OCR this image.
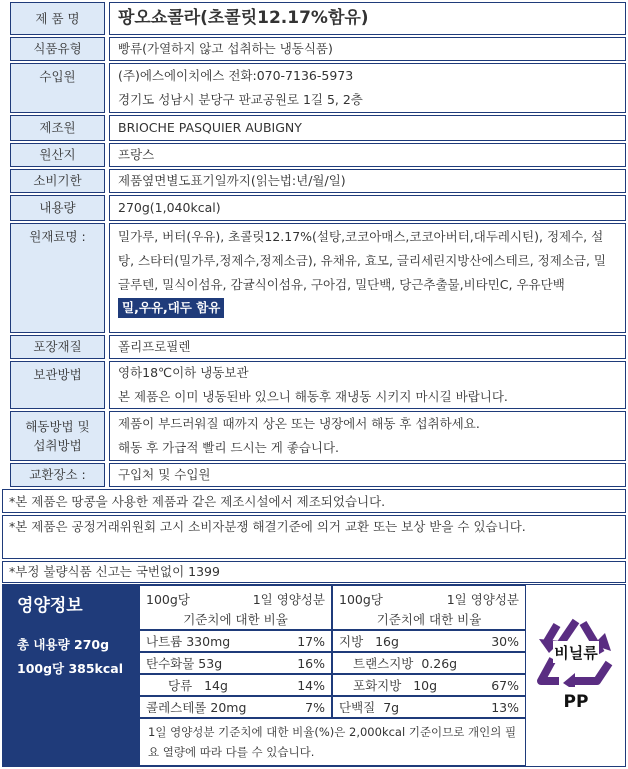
제 품 명 팡오쇼콜라(초콜릿12.17%함유)
식품유형	빵류(가열하지 않고 섭취하는 냉동식품)
수입원	(주)에스에이치에스 전화:070-7136-5973
경기도 성남시 분당구 판교공원로 1길 5, 2층
제조원	BRIOCHE PASQUIER AUBIGNY
원산지	프랑스
소비기한	제품옆면별도표기일까지(읽는법:년/월/일)
내용량	270g(1,040kcal)
원재료명 :	밀가루, 버터(우유), 초콜릿12.17%(설탕,코코아매스,코코아버터,대두레시틴), 정제수, 설탕, 스타터(밀가루,정제수,정제소금), 유채유, 효모, 글리세린지방산에스테르, 정제소금, 밀글루텐, 밀식이섬유, 감귤식이섬유, 구아검, 밀단백, 당근추출물,비타민C, 우유단백
밀,우유,대두 함유
포장재질	폴리프로필렌
보관방법	영하18℃이하 냉동보관
본 제품은 이미 냉동된바 있으니 해동후 재냉동 시키지 마시길 바랍니다.
해동방법 및
섭취방법
제품이 부드러워질 때까지 상온 또는 냉장에서 해동 후 섭취하세요.
해동 후 가급적 빨리 드시는 게 좋습니다.
교환장소 :	구입처 및 수입원
*본 제품은 땅콩을 사용한 제품과 같은 제조시설에서 제조되었습니다.
*본 제품은 공정거래위원회 고시 소비자분쟁 해결기준에 의거 교환 또는 보상 받을 수 있습니다.
*부정 불량식품 신고는 국번없이 1399
영양정보
총 내용량 270g
100g당 385kcal
100g당	1일 영양성분
기준치에 대한 비율
나트륨 330mg	17%
탄수화물 53g	16%
당류 14g	14%
콜레스테롤 20mg	7%
100g당	1일 영양성분
기준치에 대한 비율
지방 16g	30%
트랜스지방 0.26g
포화지방 10g	67%
단백질 7g	13%
1일 영양성분 기준치에 대한 비율(%)은 2,000kcal 기준이므로 개인의 필요 열량에 따라 다를 수 있습니다.
비닐류
PP
